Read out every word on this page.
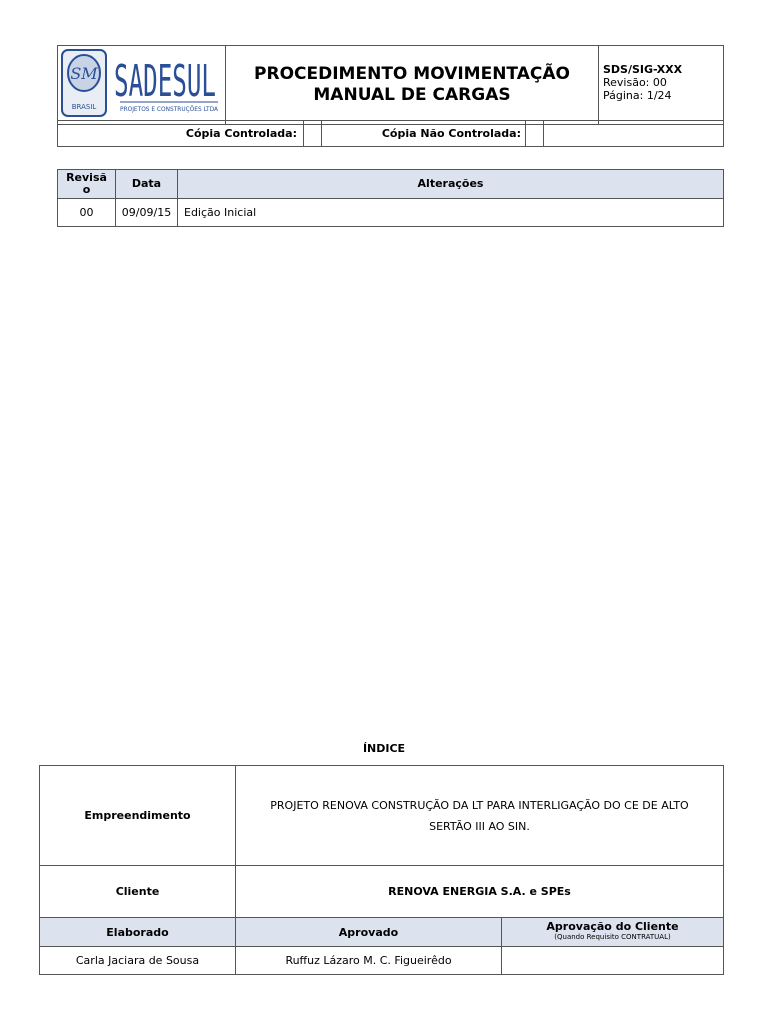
SM
BRASIL SADESUL
PROJETOS E CONSTRUÇÕES LTDA

PROCEDIMENTO MOVIMENTAÇÃO
MANUAL DE CARGAS

SDS/SIG-XXX
Revisão: 00
Página: 1/24
Cópia Controlada:		Cópia Não Controlada:		
Revisão	Data	Alterações
00	09/09/15	Edição Inicial
ÍNDICE
Empreendimento	PROJETO RENOVA CONSTRUÇÃO DA LT PARA INTERLIGAÇÃO DO CE DE ALTO
SERTÃO III AO SIN.	

Cliente	RENOVA ENERGIA S.A. e SPEs	
Elaborado	Aprovado	Aprovação do Cliente
(Quando Requisito CONTRATUAL)

Carla Jaciara de Sousa	Ruffuz Lázaro M. C. Figueirêdo	
